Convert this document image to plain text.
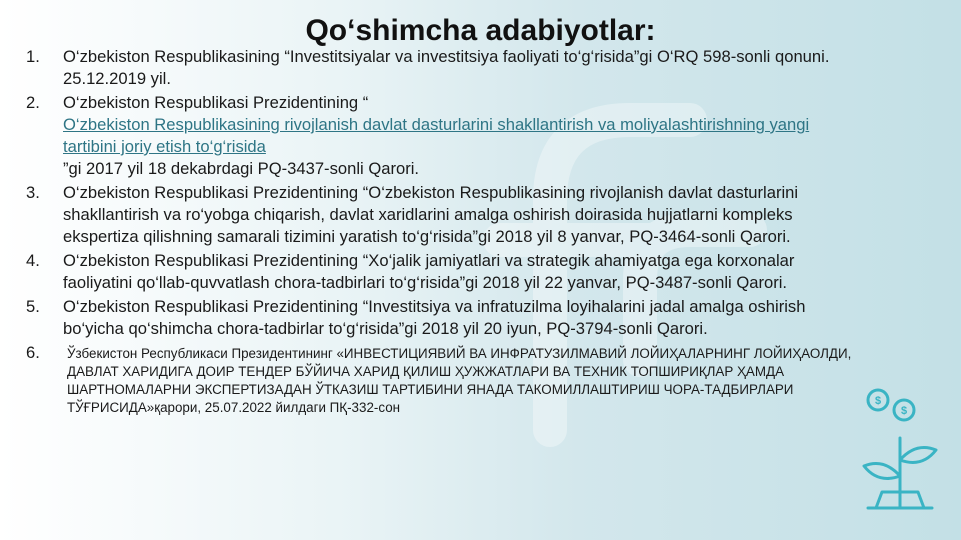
Qo‘shimcha adabiyotlar:
1. O‘zbekiston Respublikasining “Investitsiyalar va investitsiya faoliyati to‘g‘risida”gi O‘RQ 598-sonli qonuni. 25.12.2019 yil.
2. O‘zbekiston Respublikasi Prezidentining “
O‘zbekiston Respublikasining rivojlanish davlat dasturlarini shakllantirish va moliyalashtirishning yangi tartibini joriy etish to‘g‘risida
”gi 2017 yil 18 dekabrdagi PQ-3437-sonli Qarori.
3. O‘zbekiston Respublikasi Prezidentining “O‘zbekiston Respublikasining rivojlanish davlat dasturlarini shakllantirish va ro‘yobga chiqarish, davlat xaridlarini amalga oshirish doirasida hujjatlarni kompleks ekspertiza qilishning samarali tizimini yaratish to‘g‘risida”gi 2018 yil 8 yanvar, PQ-3464-sonli Qarori.
4. O‘zbekiston Respublikasi Prezidentining “Xo‘jalik jamiyatlari va strategik ahamiyatga ega korxonalar faoliyatini qo‘llab-quvvatlash chora-tadbirlari to‘g‘risida”gi 2018 yil 22 yanvar, PQ-3487-sonli Qarori.
5. O‘zbekiston Respublikasi Prezidentining “Investitsiya va infratuzilma loyihalarini jadal amalga oshirish bo‘yicha qo‘shimcha chora-tadbirlar to‘g‘risida”gi 2018 yil 20 iyun, PQ-3794-sonli Qarori.
6. Ўзбекистон Республикаси Президентининг «ИНВЕСТИЦИЯВИЙ ВА ИНФРАТУЗИЛМАВИЙ ЛОЙИҲАЛАРНИНГ ЛОЙИҲАОЛДИ, ДАВЛАТ ХАРИДИГА ДОИР ТЕНДЕР БЎЙИЧА ХАРИД ҚИЛИШ ҲУЖЖАТЛАРИ ВА ТЕХНИК ТОПШИРИҚЛАР ҲАМДА ШАРТНОМАЛАРНИ ЭКСПЕРТИЗАДАН ЎТКАЗИШ ТАРТИБИНИ ЯНАДА ТАКОМИЛЛАШТИРИШ ЧОРА-ТАДБИРЛАРИ ТЎҒРИСИДА»қарори, 25.07.2022 йилдаги ПҚ-332-сон	$
$
